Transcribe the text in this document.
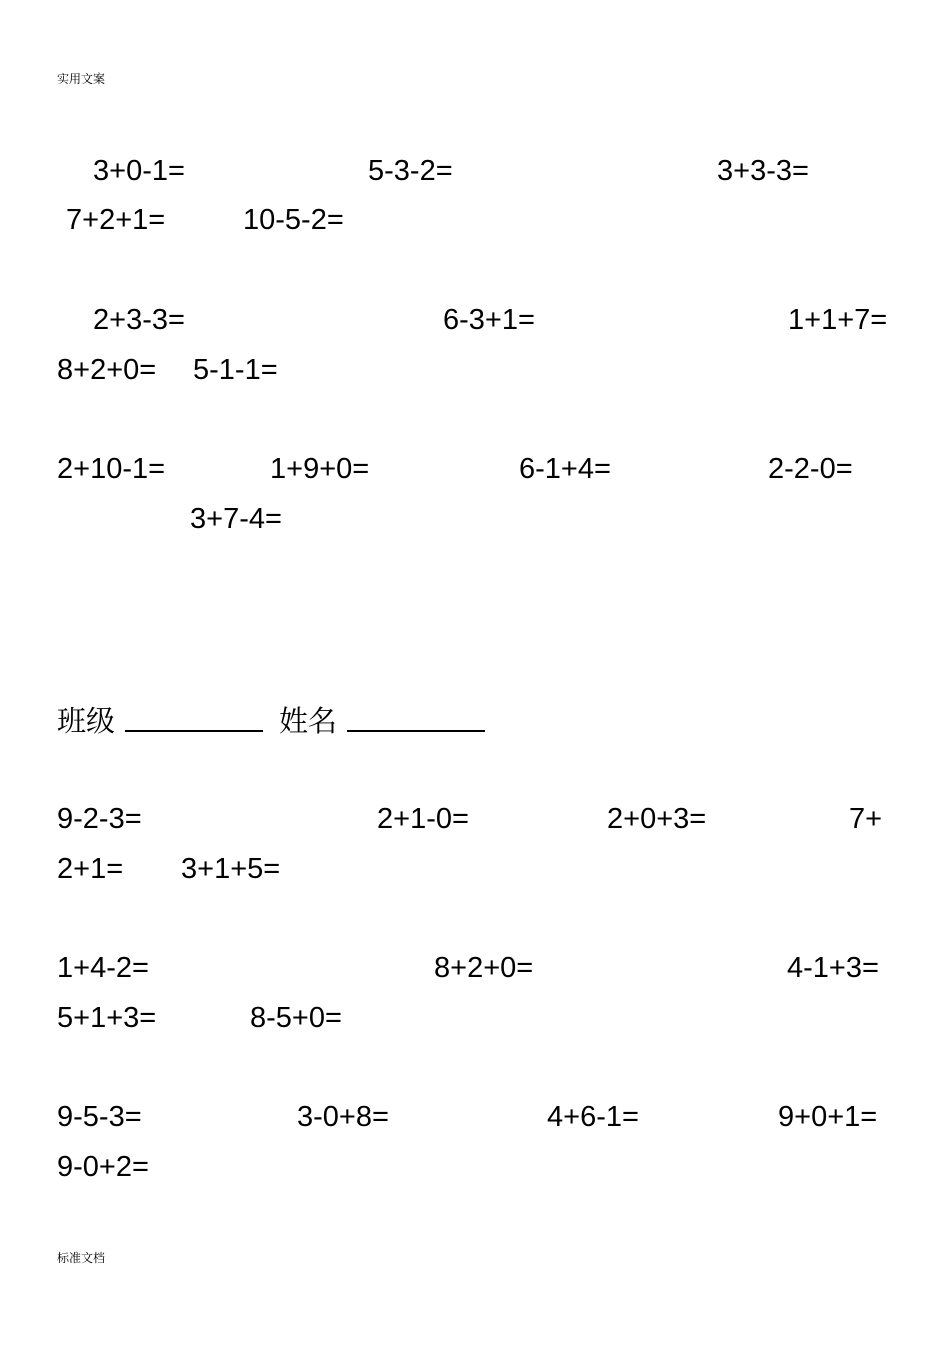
实用文案
3+0-1=	5-3-2=	3+3-3=
7+2+1=	10-5-2=
2+3-3=	6-3+1=	1+1+7=
8+2+0= 5-1-1=
2+10-1=	1+9+0=	6-1+4=	2-2-0=
3+7-4=
班级	姓名
9-2-3=	2+1-0=	2+0+3=	7+
2+1= 3+1+5=
1+4-2=	8+2+0=	4-1+3=
5+1+3=	8-5+0=
9-5-3=	3-0+8=	4+6-1=	9+0+1=
9-0+2=
标准文档
